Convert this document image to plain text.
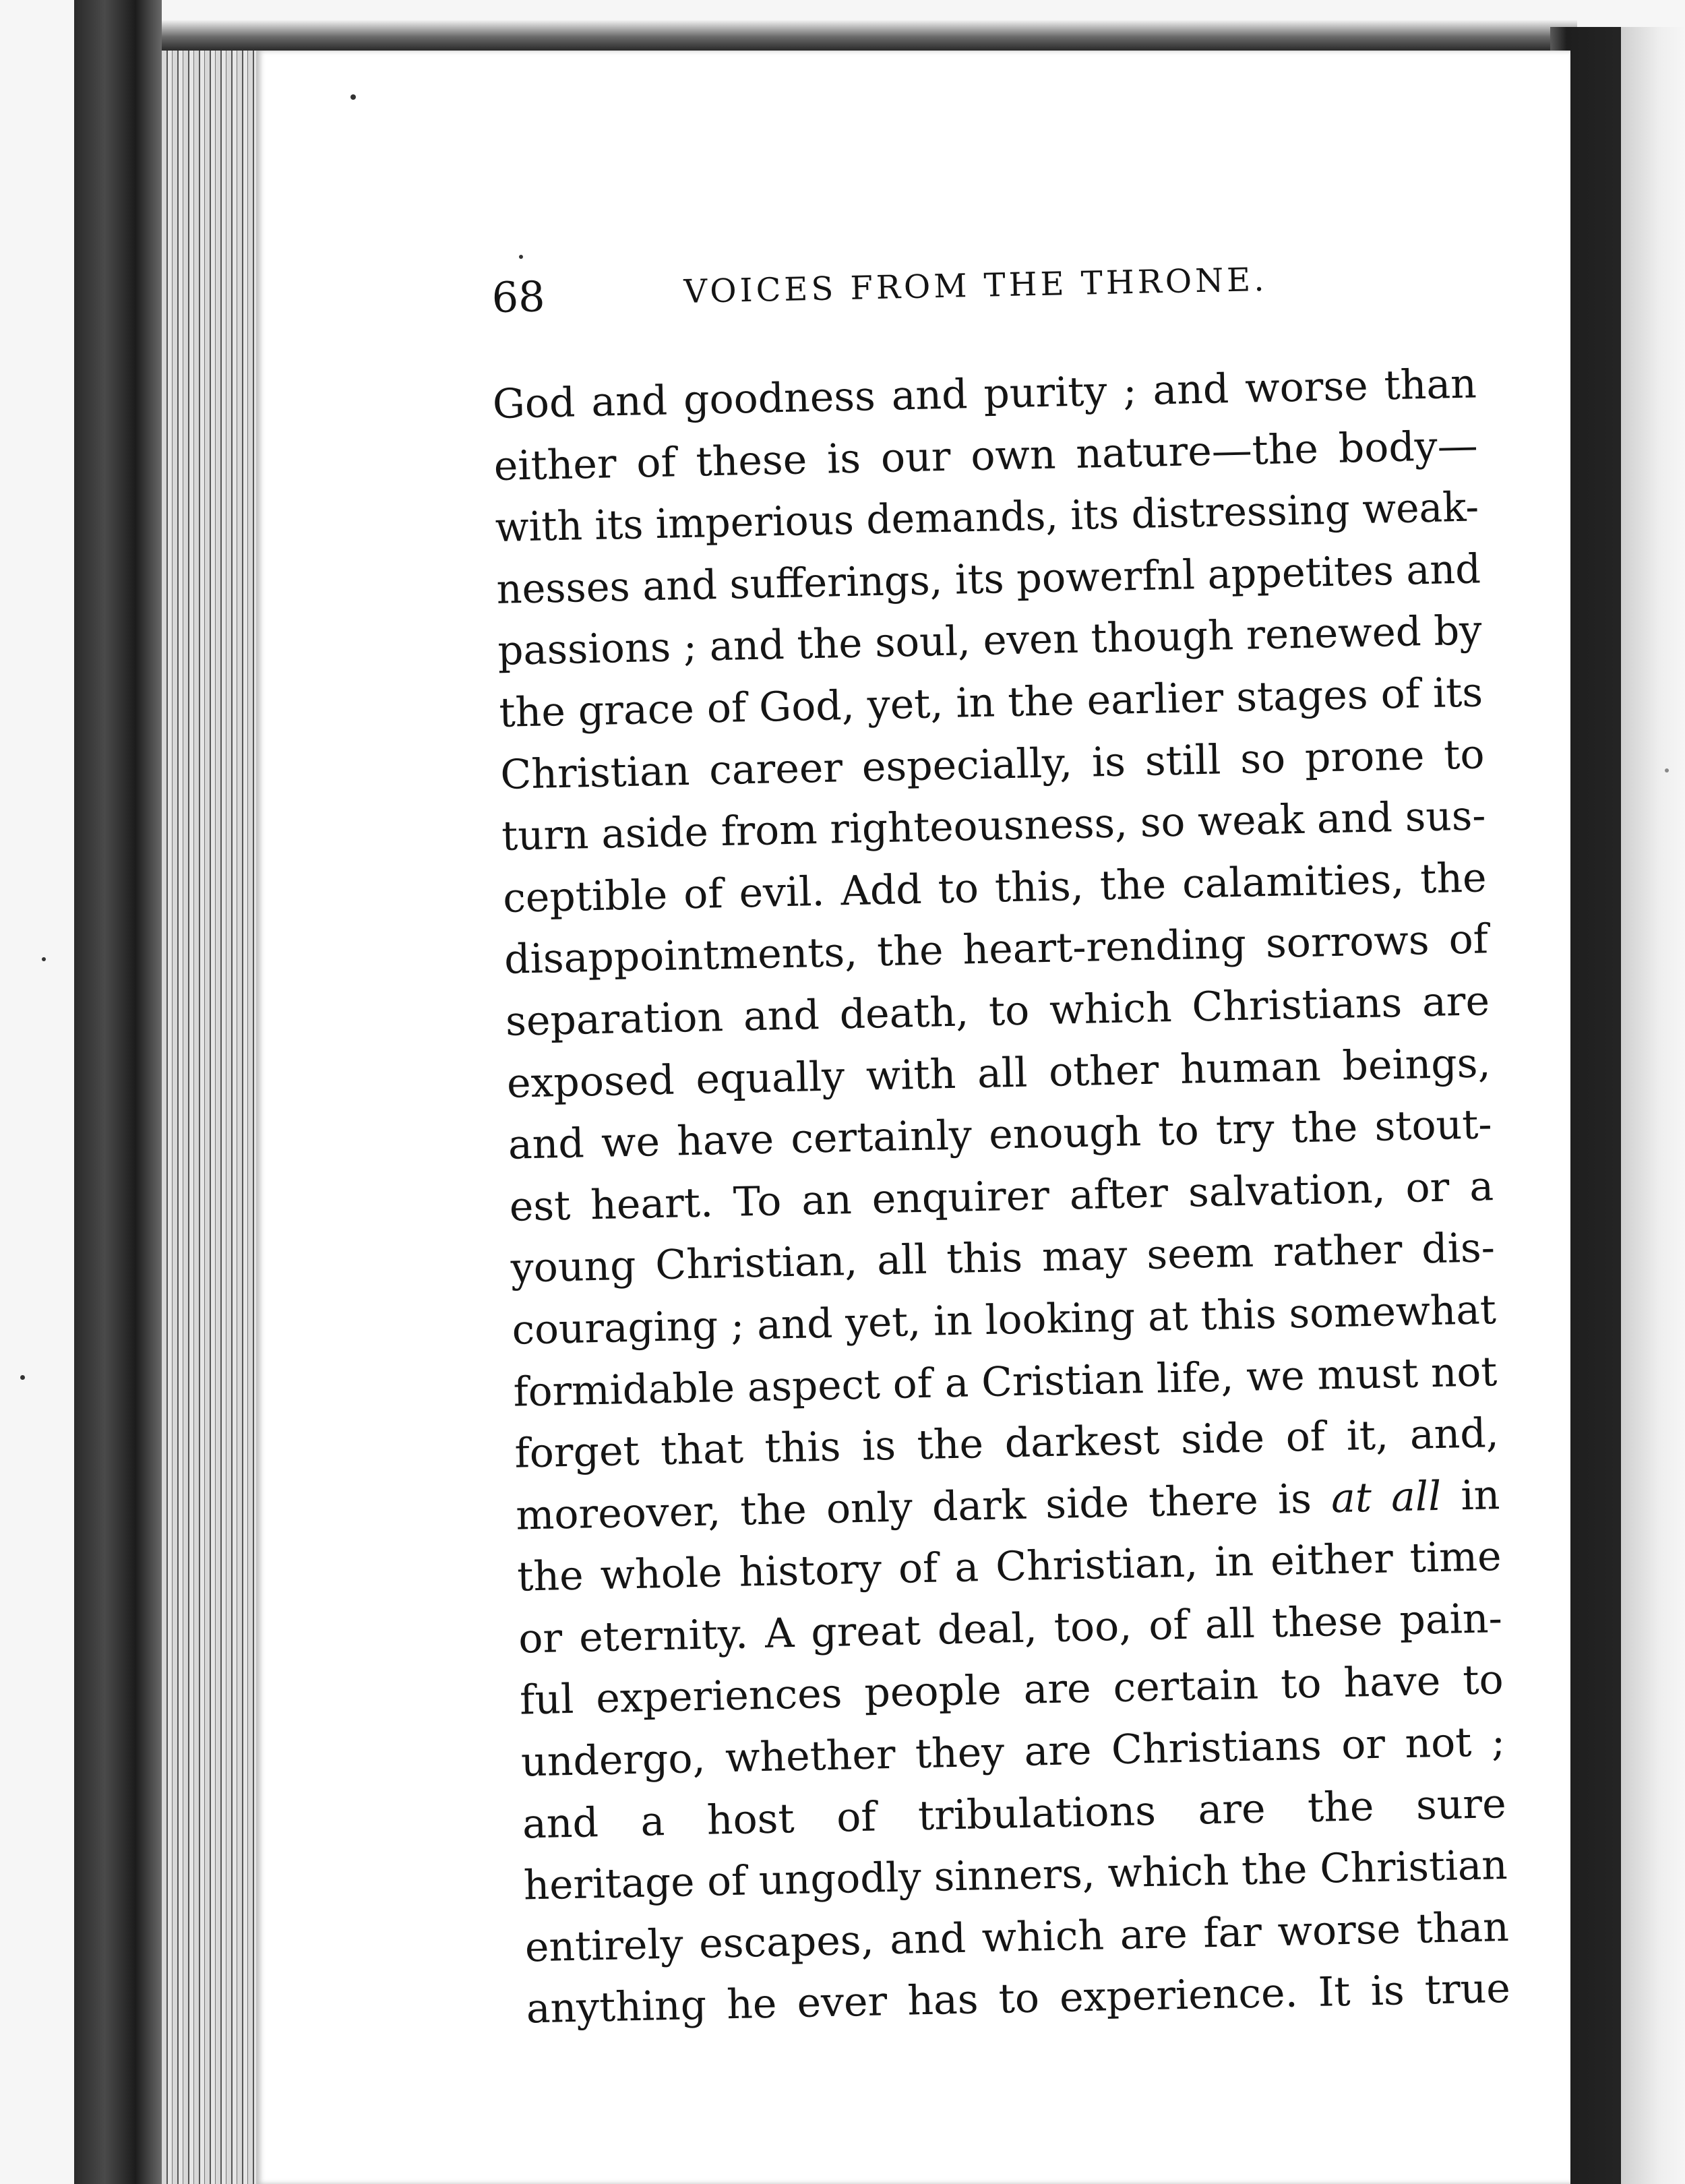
68	VOICES FROM THE THRONE.
God and goodness and purity ; and worse than
either of these is our own nature—the body—
with its imperious demands, its distressing weak-
nesses and sufferings, its powerfnl appetites and
passions ; and the soul, even though renewed by
the grace of God, yet, in the earlier stages of its
Christian career especially, is still so prone to
turn aside from righteousness, so weak and sus-
ceptible of evil. Add to this, the calamities, the
disappointments, the heart-rending sorrows of
separation and death, to which Christians are
exposed equally with all other human beings,
and we have certainly enough to try the stout-
est heart. To an enquirer after salvation, or a
young Christian, all this may seem rather dis-
couraging ; and yet, in looking at this somewhat
formidable aspect of a Cristian life, we must not
forget that this is the darkest side of it, and,
moreover, the only dark side there is at all in
the whole history of a Christian, in either time
or eternity. A great deal, too, of all these pain-
ful experiences people are certain to have to
undergo, whether they are Christians or not ;
and a host of tribulations are the sure
heritage of ungodly sinners, which the Christian
entirely escapes, and which are far worse than
anything he ever has to experience. It is true
